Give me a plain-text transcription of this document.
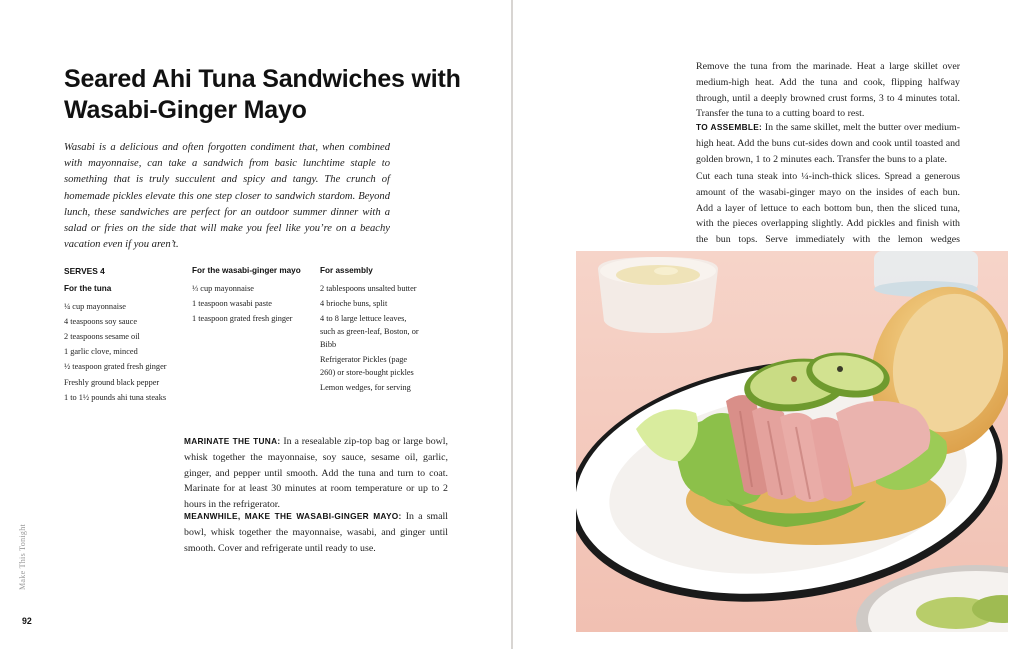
Seared Ahi Tuna Sandwiches with Wasabi-Ginger Mayo

Wasabi is a delicious and often forgotten condiment that, when combined with mayonnaise, can take a sandwich from basic lunchtime staple to something that is truly succulent and spicy and tangy. The crunch of homemade pickles elevate this one step closer to sandwich stardom. Beyond lunch, these sandwiches are perfect for an outdoor summer dinner with a salad or fries on the side that will make you feel like you’re on a beachy vacation even if you aren’t.

SERVES 4
For the tuna
¼ cup mayonnaise
4 teaspoons soy sauce
2 teaspoons sesame oil
1 garlic clove, minced
½ teaspoon grated fresh ginger
Freshly ground black pepper
1 to 1½ pounds ahi tuna steaks
For the wasabi-ginger mayo
⅓ cup mayonnaise
1 teaspoon wasabi paste
1 teaspoon grated fresh ginger
For assembly
2 tablespoons unsalted butter
4 brioche buns, split
4 to 8 large lettuce leaves, such as green-leaf, Boston, or Bibb
Refrigerator Pickles (page 260) or store-bought pickles
Lemon wedges, for serving

MARINATE THE TUNA: In a resealable zip-top bag or large bowl, whisk together the mayonnaise, soy sauce, sesame oil, garlic, ginger, and pepper until smooth. Add the tuna and turn to coat. Marinate for at least 30 minutes at room temperature or up to 2 hours in the refrigerator.

MEANWHILE, MAKE THE WASABI-GINGER MAYO: In a small bowl, whisk together the mayonnaise, wasabi, and ginger until smooth. Cover and refrigerate until ready to use.

Make This Tonight
92

Remove the tuna from the marinade. Heat a large skillet over medium-high heat. Add the tuna and cook, flipping halfway through, until a deeply browned crust forms, 3 to 4 minutes total. Transfer the tuna to a cutting board to rest.

TO ASSEMBLE: In the same skillet, melt the butter over medium-high heat. Add the buns cut-sides down and cook until toasted and golden brown, 1 to 2 minutes each. Transfer the buns to a plate.

Cut each tuna steak into ¼-inch-thick slices. Spread a generous amount of the wasabi-ginger mayo on the insides of each bun. Add a layer of lettuce to each bottom bun, then the sliced tuna, with the pieces overlapping slightly. Add pickles and finish with the bun tops. Serve immediately with the lemon wedges
